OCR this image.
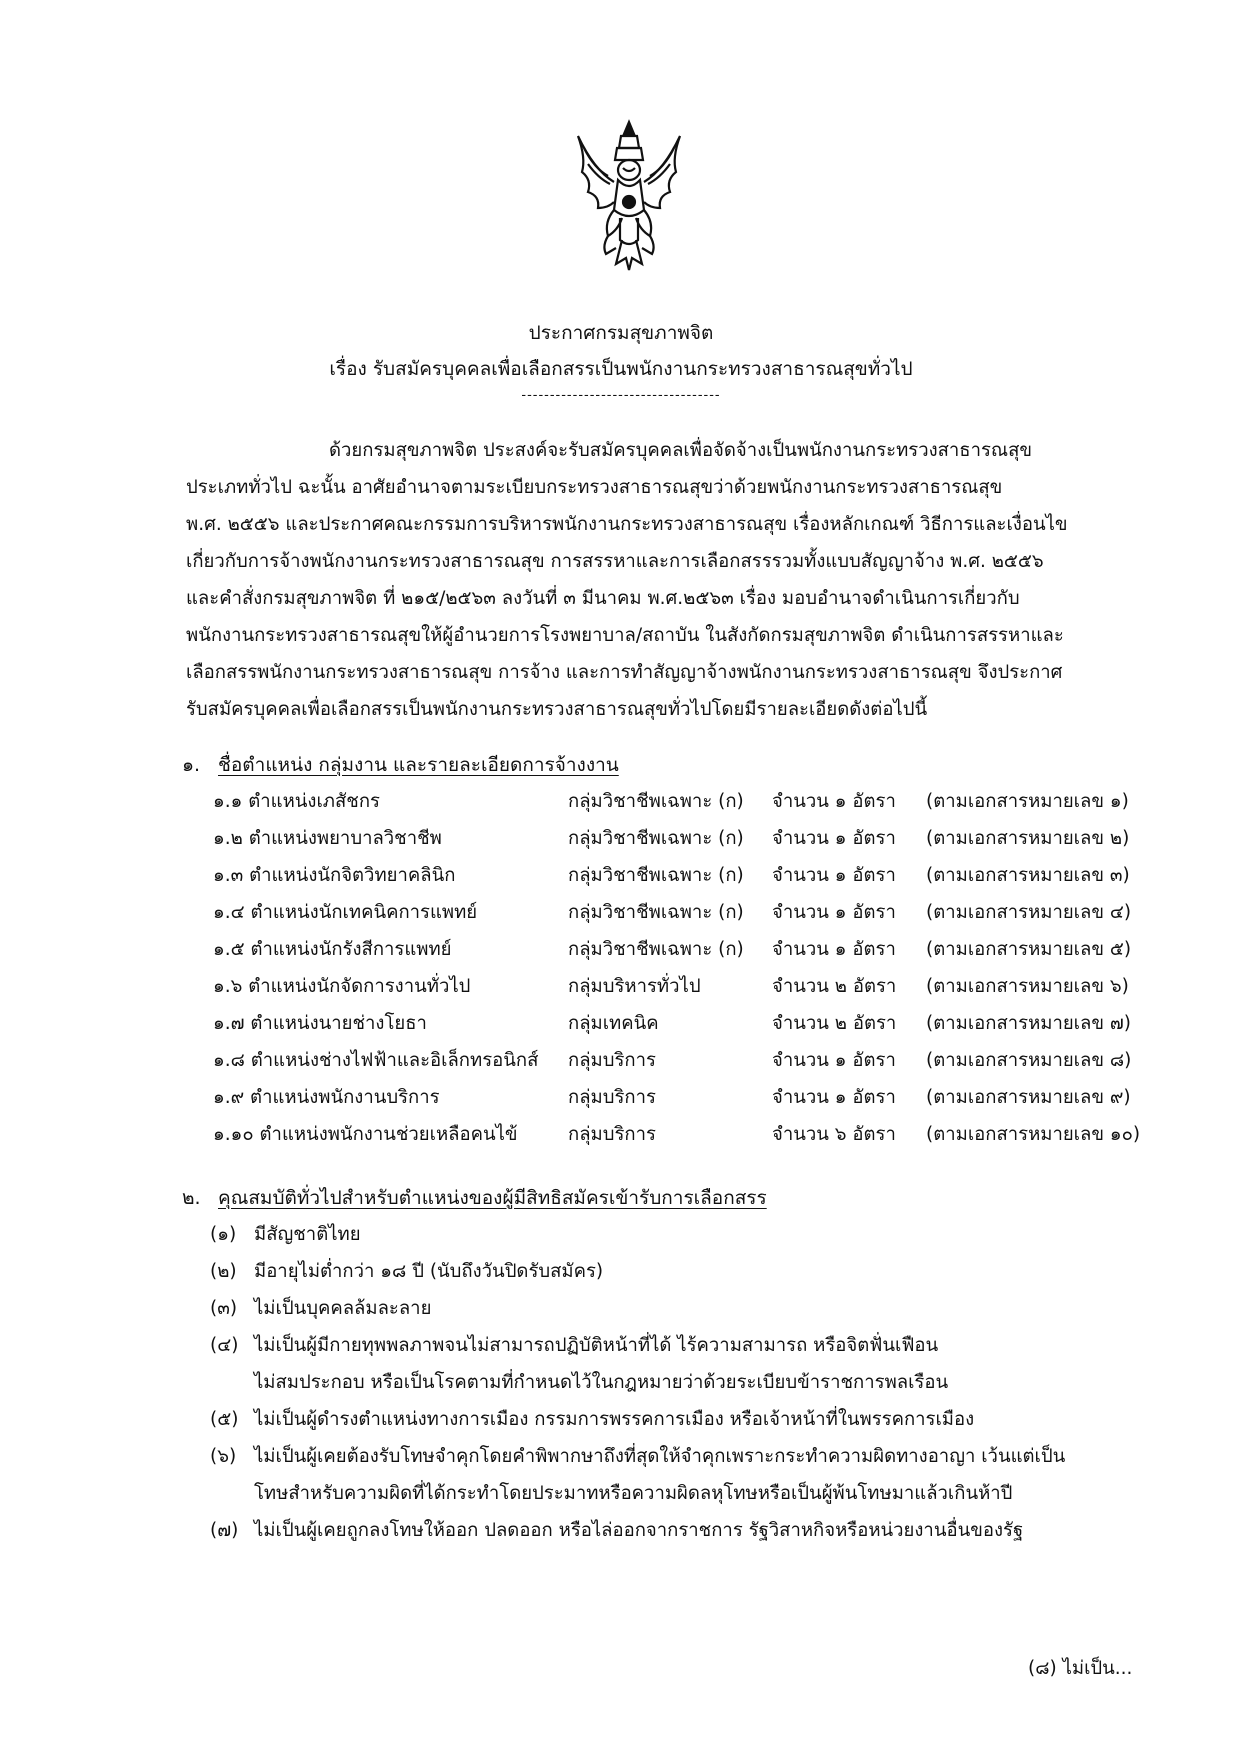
ประกาศกรมสุขภาพจิต
เรื่อง รับสมัครบุคคลเพื่อเลือกสรรเป็นพนักงานกระทรวงสาธารณสุขทั่วไป
-----------------------------------
ด้วยกรมสุขภาพจิต ประสงค์จะรับสมัครบุคคลเพื่อจัดจ้างเป็นพนักงานกระทรวงสาธารณสุข
ประเภททั่วไป ฉะนั้น อาศัยอำนาจตามระเบียบกระทรวงสาธารณสุขว่าด้วยพนักงานกระทรวงสาธารณสุข
พ.ศ. ๒๕๕๖ และประกาศคณะกรรมการบริหารพนักงานกระทรวงสาธารณสุข เรื่องหลักเกณฑ์ วิธีการและเงื่อนไข
เกี่ยวกับการจ้างพนักงานกระทรวงสาธารณสุข การสรรหาและการเลือกสรรรวมทั้งแบบสัญญาจ้าง พ.ศ. ๒๕๕๖
และคำสั่งกรมสุขภาพจิต ที่ ๒๑๕/๒๕๖๓ ลงวันที่ ๓ มีนาคม พ.ศ.๒๕๖๓ เรื่อง มอบอำนาจดำเนินการเกี่ยวกับ
พนักงานกระทรวงสาธารณสุขให้ผู้อำนวยการโรงพยาบาล/สถาบัน ในสังกัดกรมสุขภาพจิต ดำเนินการสรรหาและ
เลือกสรรพนักงานกระทรวงสาธารณสุข การจ้าง และการทำสัญญาจ้างพนักงานกระทรวงสาธารณสุข จึงประกาศ
รับสมัครบุคคลเพื่อเลือกสรรเป็นพนักงานกระทรวงสาธารณสุขทั่วไปโดยมีรายละเอียดดังต่อไปนี้
๑. ชื่อตำแหน่ง กลุ่มงาน และรายละเอียดการจ้างงาน
๑.๑ ตำแหน่งเภสัชกร	กลุ่มวิชาชีพเฉพาะ (ก) จำนวน ๑ อัตรา (ตามเอกสารหมายเลข ๑)
๑.๒ ตำแหน่งพยาบาลวิชาชีพ	กลุ่มวิชาชีพเฉพาะ (ก) จำนวน ๑ อัตรา (ตามเอกสารหมายเลข ๒)
๑.๓ ตำแหน่งนักจิตวิทยาคลินิก	กลุ่มวิชาชีพเฉพาะ (ก) จำนวน ๑ อัตรา (ตามเอกสารหมายเลข ๓)
๑.๔ ตำแหน่งนักเทคนิคการแพทย์	กลุ่มวิชาชีพเฉพาะ (ก) จำนวน ๑ อัตรา (ตามเอกสารหมายเลข ๔)
๑.๕ ตำแหน่งนักรังสีการแพทย์	กลุ่มวิชาชีพเฉพาะ (ก) จำนวน ๑ อัตรา (ตามเอกสารหมายเลข ๕)
๑.๖ ตำแหน่งนักจัดการงานทั่วไป	กลุ่มบริหารทั่วไป	จำนวน ๒ อัตรา (ตามเอกสารหมายเลข ๖)
๑.๗ ตำแหน่งนายช่างโยธา	กลุ่มเทคนิค	จำนวน ๒ อัตรา (ตามเอกสารหมายเลข ๗)
๑.๘ ตำแหน่งช่างไฟฟ้าและอิเล็กทรอนิกส์ กลุ่มบริการ	จำนวน ๑ อัตรา (ตามเอกสารหมายเลข ๘)
๑.๙ ตำแหน่งพนักงานบริการ	กลุ่มบริการ	จำนวน ๑ อัตรา (ตามเอกสารหมายเลข ๙)
๑.๑๐ ตำแหน่งพนักงานช่วยเหลือคนไข้	กลุ่มบริการ	จำนวน ๖ อัตรา (ตามเอกสารหมายเลข ๑๐)
๒. คุณสมบัติทั่วไปสำหรับตำแหน่งของผู้มีสิทธิสมัครเข้ารับการเลือกสรร
(๑) มีสัญชาติไทย
(๒) มีอายุไม่ต่ำกว่า ๑๘ ปี (นับถึงวันปิดรับสมัคร)
(๓) ไม่เป็นบุคคลล้มละลาย
(๔) ไม่เป็นผู้มีกายทุพพลภาพจนไม่สามารถปฏิบัติหน้าที่ได้ ไร้ความสามารถ หรือจิตฟั่นเฟือน
ไม่สมประกอบ หรือเป็นโรคตามที่กำหนดไว้ในกฎหมายว่าด้วยระเบียบข้าราชการพลเรือน
(๕) ไม่เป็นผู้ดำรงตำแหน่งทางการเมือง กรรมการพรรคการเมือง หรือเจ้าหน้าที่ในพรรคการเมือง
(๖) ไม่เป็นผู้เคยต้องรับโทษจำคุกโดยคำพิพากษาถึงที่สุดให้จำคุกเพราะกระทำความผิดทางอาญา เว้นแต่เป็น
โทษสำหรับความผิดที่ได้กระทำโดยประมาทหรือความผิดลหุโทษหรือเป็นผู้พ้นโทษมาแล้วเกินห้าปี
(๗) ไม่เป็นผู้เคยถูกลงโทษให้ออก ปลดออก หรือไล่ออกจากราชการ รัฐวิสาหกิจหรือหน่วยงานอื่นของรัฐ
(๘) ไม่เป็น...
